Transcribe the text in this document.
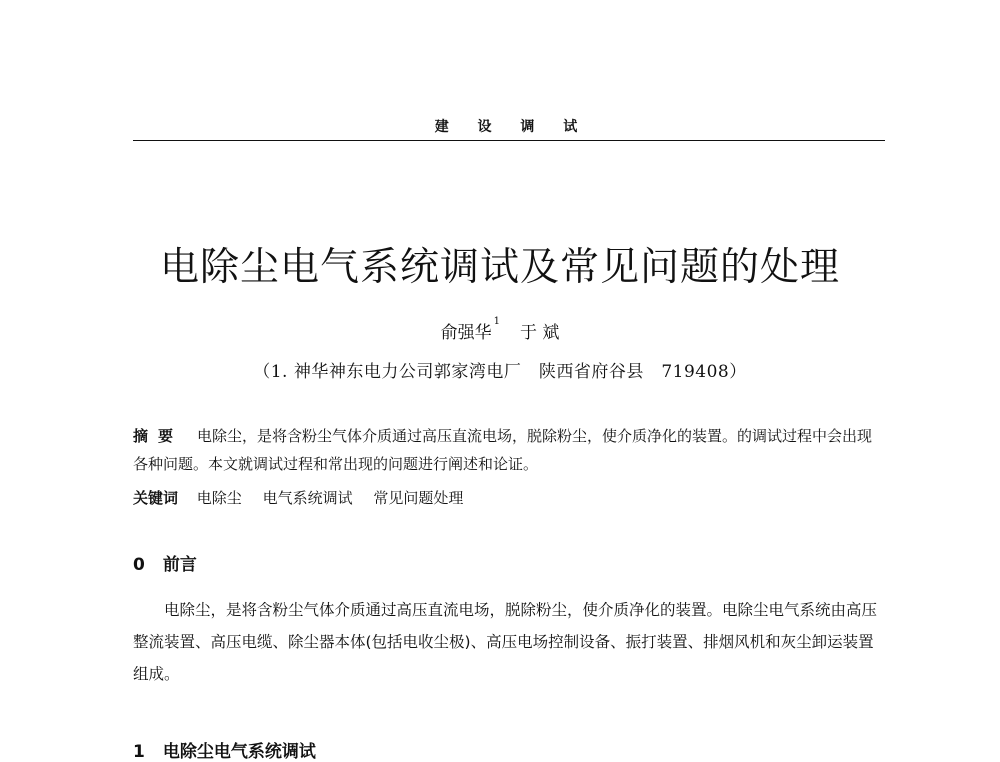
建 设 调 试
电除尘电气系统调试及常见问题的处理
俞强华$^1$于 斌
（1. 神华神东电力公司郭家湾电厂　陕西省府谷县　719408）
摘要 电除尘，是将含粉尘气体介质通过高压直流电场，脱除粉尘，使介质净化的装置。的调试过程中会出现各种问题。本文就调试过程和常出现的问题进行阐述和论证。
关键词 电除尘 电气系统调试 常见问题处理
0 前言
电除尘，是将含粉尘气体介质通过高压直流电场，脱除粉尘，使介质净化的装置。电除尘电气系统由高压整流装置、高压电缆、除尘器本体(包括电收尘极)、高压电场控制设备、振打装置、排烟风机和灰尘卸运装置组成。
1 电除尘电气系统调试
